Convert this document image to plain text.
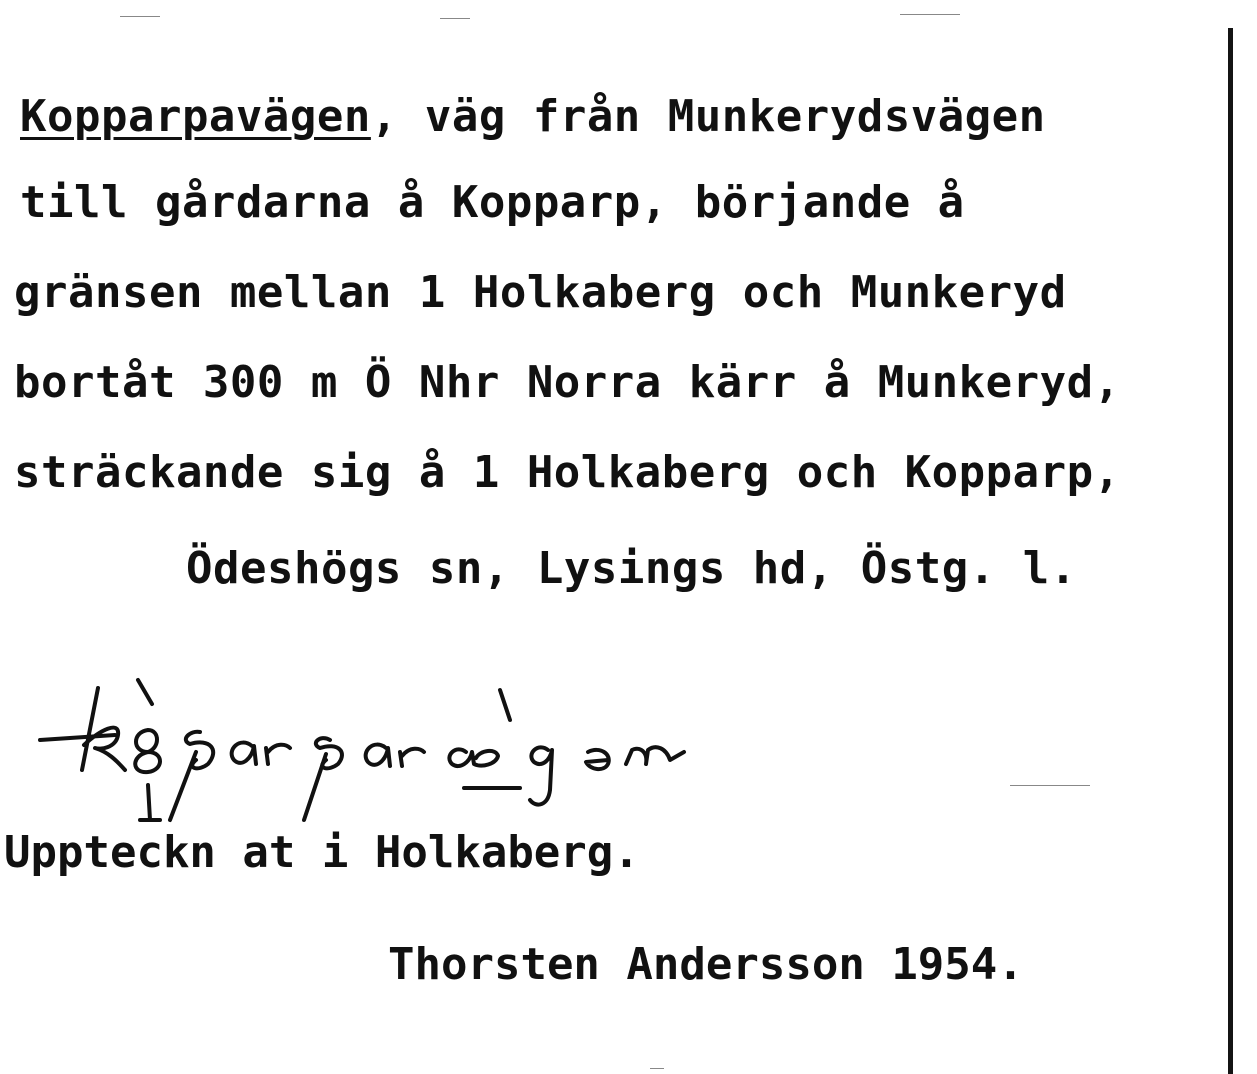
Kopparpavägen, väg från Munkerydsvägen
till gårdarna å Kopparp, börjande å
gränsen mellan 1 Holkaberg och Munkeryd
bortåt 300 m Ö Nhr Norra kärr å Munkeryd,
sträckande sig å 1 Holkaberg och Kopparp,
Ödeshögs sn, Lysings hd, Östg. l.
Uppteckn at i Holkaberg.
Thorsten Andersson 1954.
